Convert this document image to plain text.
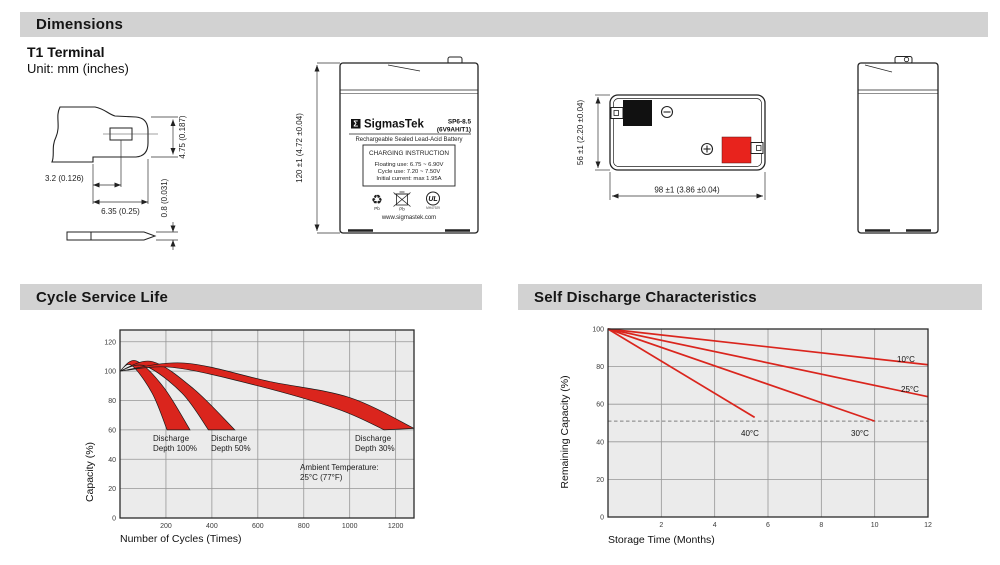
Dimensions
T1 Terminal
Unit: mm (inches)
4.75 (0.187)
3.2 (0.126)
6.35 (0.25)	0.8 (0.031)
120 ±1 (4.72 ±0.04)	Σ SigmasTek	SP6-8.5
(6V9AH/T1)
Rechargeable Sealed Lead-Acid Battery
CHARGING INSTRUCTION
Floating use: 6.75 ~ 6.90V
Cycle use: 7.20 ~ 7.50V
Initial current: max 1.95A
♻
Pb	Pb
UL
MH47929
www.sigmastek.com
56 ±1 (2.20 ±0.04)
98 ±1 (3.86 ±0.04)
Cycle Service Life	Self Discharge Characteristics
200	400	600	800	1000	1200
0
20
40
60
80
100
120
Number of Cycles (Times)
Capacity (%)
Discharge Depth 100%
Discharge Depth 50%
Discharge Depth 30%
Ambient Temperature: 25°C (77°F)
2	4	6	8	10	12
0
20
40
60
80
100
10°C
25°C
30°C
40°C
Storage Time (Months)
Remaining Capacity (%)
